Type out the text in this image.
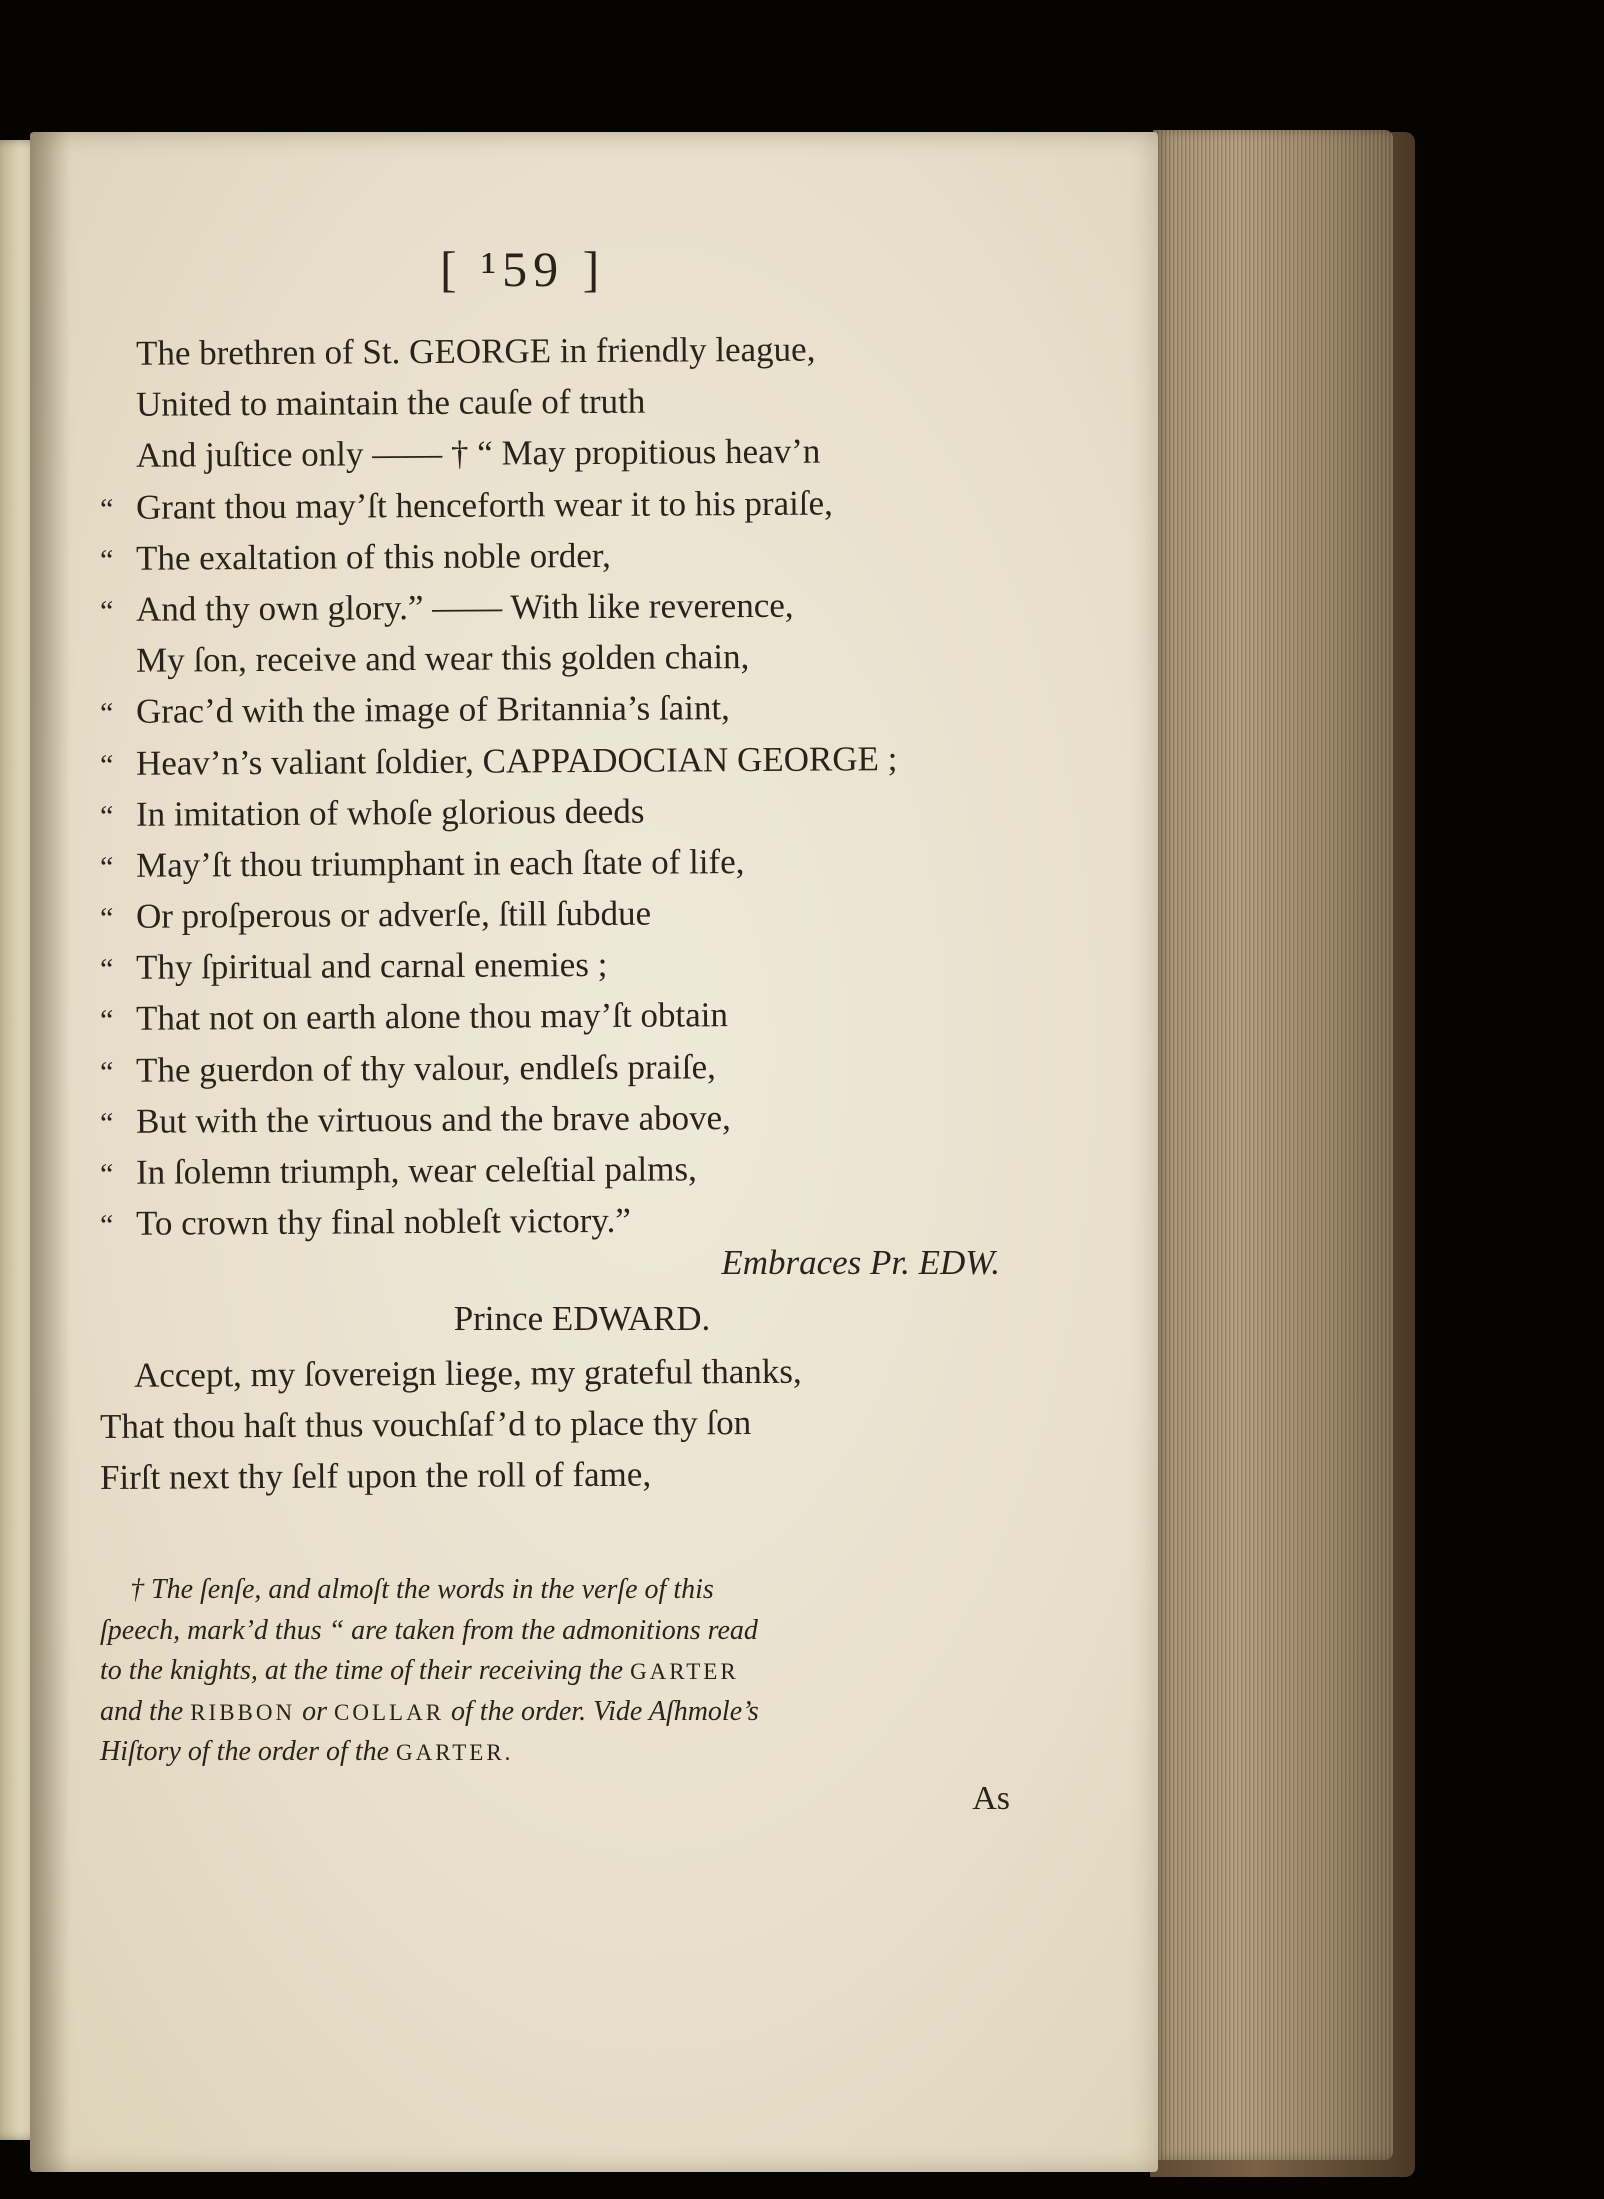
[ ¹59 ]
The brethren of St. GEORGE in friendly league,
United to maintain the cauſe of truth
And juſtice only —— † “ May propitious heav’n
“ Grant thou may’ſt henceforth wear it to his praiſe,
“ The exaltation of this noble order,
“ And thy own glory.” —— With like reverence,
My ſon, receive and wear this golden chain,
“ Grac’d with the image of Britannia’s ſaint,
“ Heav’n’s valiant ſoldier, CAPPADOCIAN GEORGE ;
“ In imitation of whoſe glorious deeds
“ May’ſt thou triumphant in each ſtate of life,
“ Or proſperous or adverſe, ſtill ſubdue
“ Thy ſpiritual and carnal enemies ;
“ That not on earth alone thou may’ſt obtain
“ The guerdon of thy valour, endleſs praiſe,
“ But with the virtuous and the brave above,
“ In ſolemn triumph, wear celeſtial palms,
“ To crown thy final nobleſt victory.”
Embraces Pr. EDW.
Prince EDWARD.
Accept, my ſovereign liege, my grateful thanks,
That thou haſt thus vouchſaf’d to place thy ſon
Firſt next thy ſelf upon the roll of fame,
† The ſenſe, and almoſt the words in the verſe of this
ſpeech, mark’d thus “ are taken from the admonitions read
to the knights, at the time of their receiving the GARTER
and the RIBBON or COLLAR of the order. Vide Aſhmole’s
Hiſtory of the order of the GARTER.
As
